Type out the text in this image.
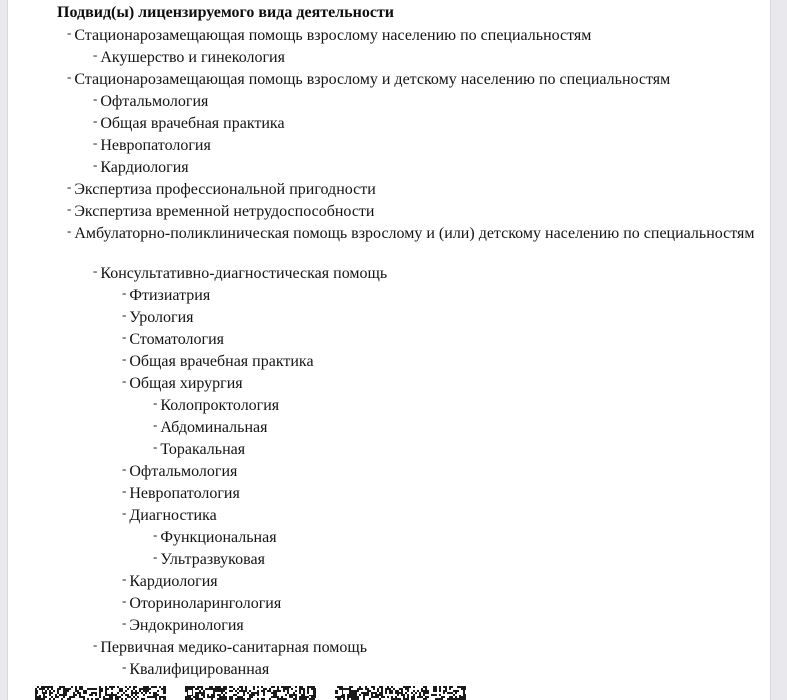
Подвид(ы) лицензируемого вида деятельности
- Стационарозамещающая помощь взрослому населению по специальностям
- Акушерство и гинекология
- Стационарозамещающая помощь взрослому и детскому населению по специальностям
- Офтальмология
- Общая врачебная практика
- Невропатология
- Кардиология
- Экспертиза профессиональной пригодности
- Экспертиза временной нетрудоспособности
- Амбулаторно-поликлиническая помощь взрослому и (или) детскому населению по специальностям
- Консультативно-диагностическая помощь
- Фтизиатрия
- Урология
- Стоматология
- Общая врачебная практика
- Общая хирургия
- Колопроктология
- Абдоминальная
- Торакальная
- Офтальмология
- Невропатология
- Диагностика
- Функциональная
- Ультразвуковая
- Кардиология
- Оториноларингология
- Эндокринология
- Первичная медико-санитарная помощь
- Квалифицированная
